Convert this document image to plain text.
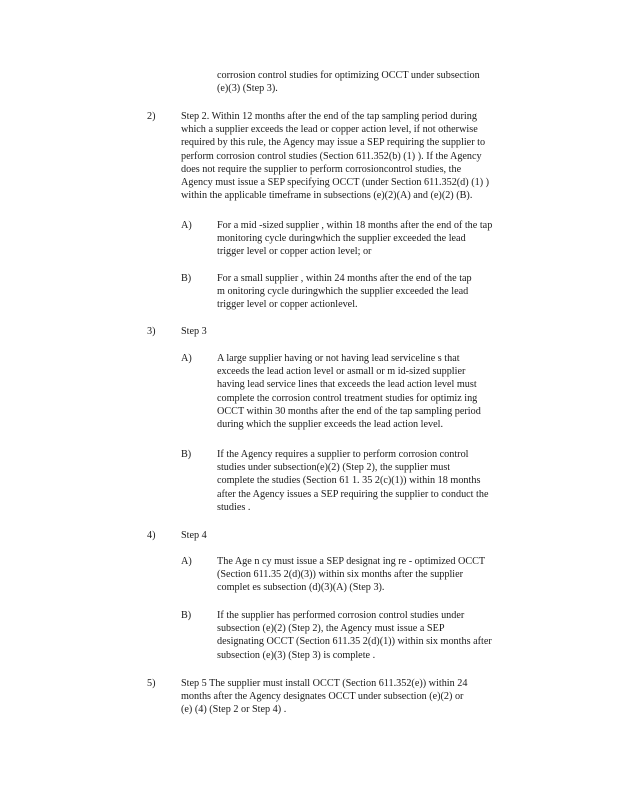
corrosion control studies for optimizing OCCT under subsection
(e)(3) (Step 3).
2)	Step 2. Within 12 months after the end of the tap sampling period during
which a supplier exceeds the lead or copper action level, if not otherwise
required by this rule, the Agency may issue a SEP requiring the supplier to
perform corrosion control studies (Section 611.352(b) (1) ). If the Agency
does not require the supplier to perform corrosioncontrol studies, the
Agency must issue a SEP specifying OCCT (under Section 611.352(d) (1) )
within the applicable timeframe in subsections (e)(2)(A) and (e)(2) (B).
A) For a mid -sized supplier , within 18 months after the end of the tap
monitoring cycle duringwhich the supplier exceeded the lead
trigger level or copper action level; or
B)	For a small supplier , within 24 months after the end of the tap
m onitoring cycle duringwhich the supplier exceeded the lead
trigger level or copper actionlevel.
3)	Step 3
A) A large supplier having or not having lead serviceline s that
exceeds the lead action level or asmall or m id-sized supplier
having lead service lines that exceeds the lead action level must
complete the corrosion control treatment studies for optimiz ing
OCCT within 30 months after the end of the tap sampling period
during which the supplier exceeds the lead action level.
B)	If the Agency requires a supplier to perform corrosion control
studies under subsection(e)(2) (Step 2), the supplier must
complete the studies (Section 61 1. 35 2(c)(1)) within 18 months
after the Agency issues a SEP requiring the supplier to conduct the
studies .
4)	Step 4
A) The Age n cy must issue a SEP designat ing re - optimized OCCT
(Section 611.35 2(d)(3)) within six months after the supplier
complet es subsection (d)(3)(A) (Step 3).
B)	If the supplier has performed corrosion control studies under
subsection (e)(2) (Step 2), the Agency must issue a SEP
designating OCCT (Section 611.35 2(d)(1)) within six months after
subsection (e)(3) (Step 3) is complete .
5)	Step 5 The supplier must install OCCT (Section 611.352(e)) within 24
months after the Agency designates OCCT under subsection (e)(2) or
(e) (4) (Step 2 or Step 4) .
